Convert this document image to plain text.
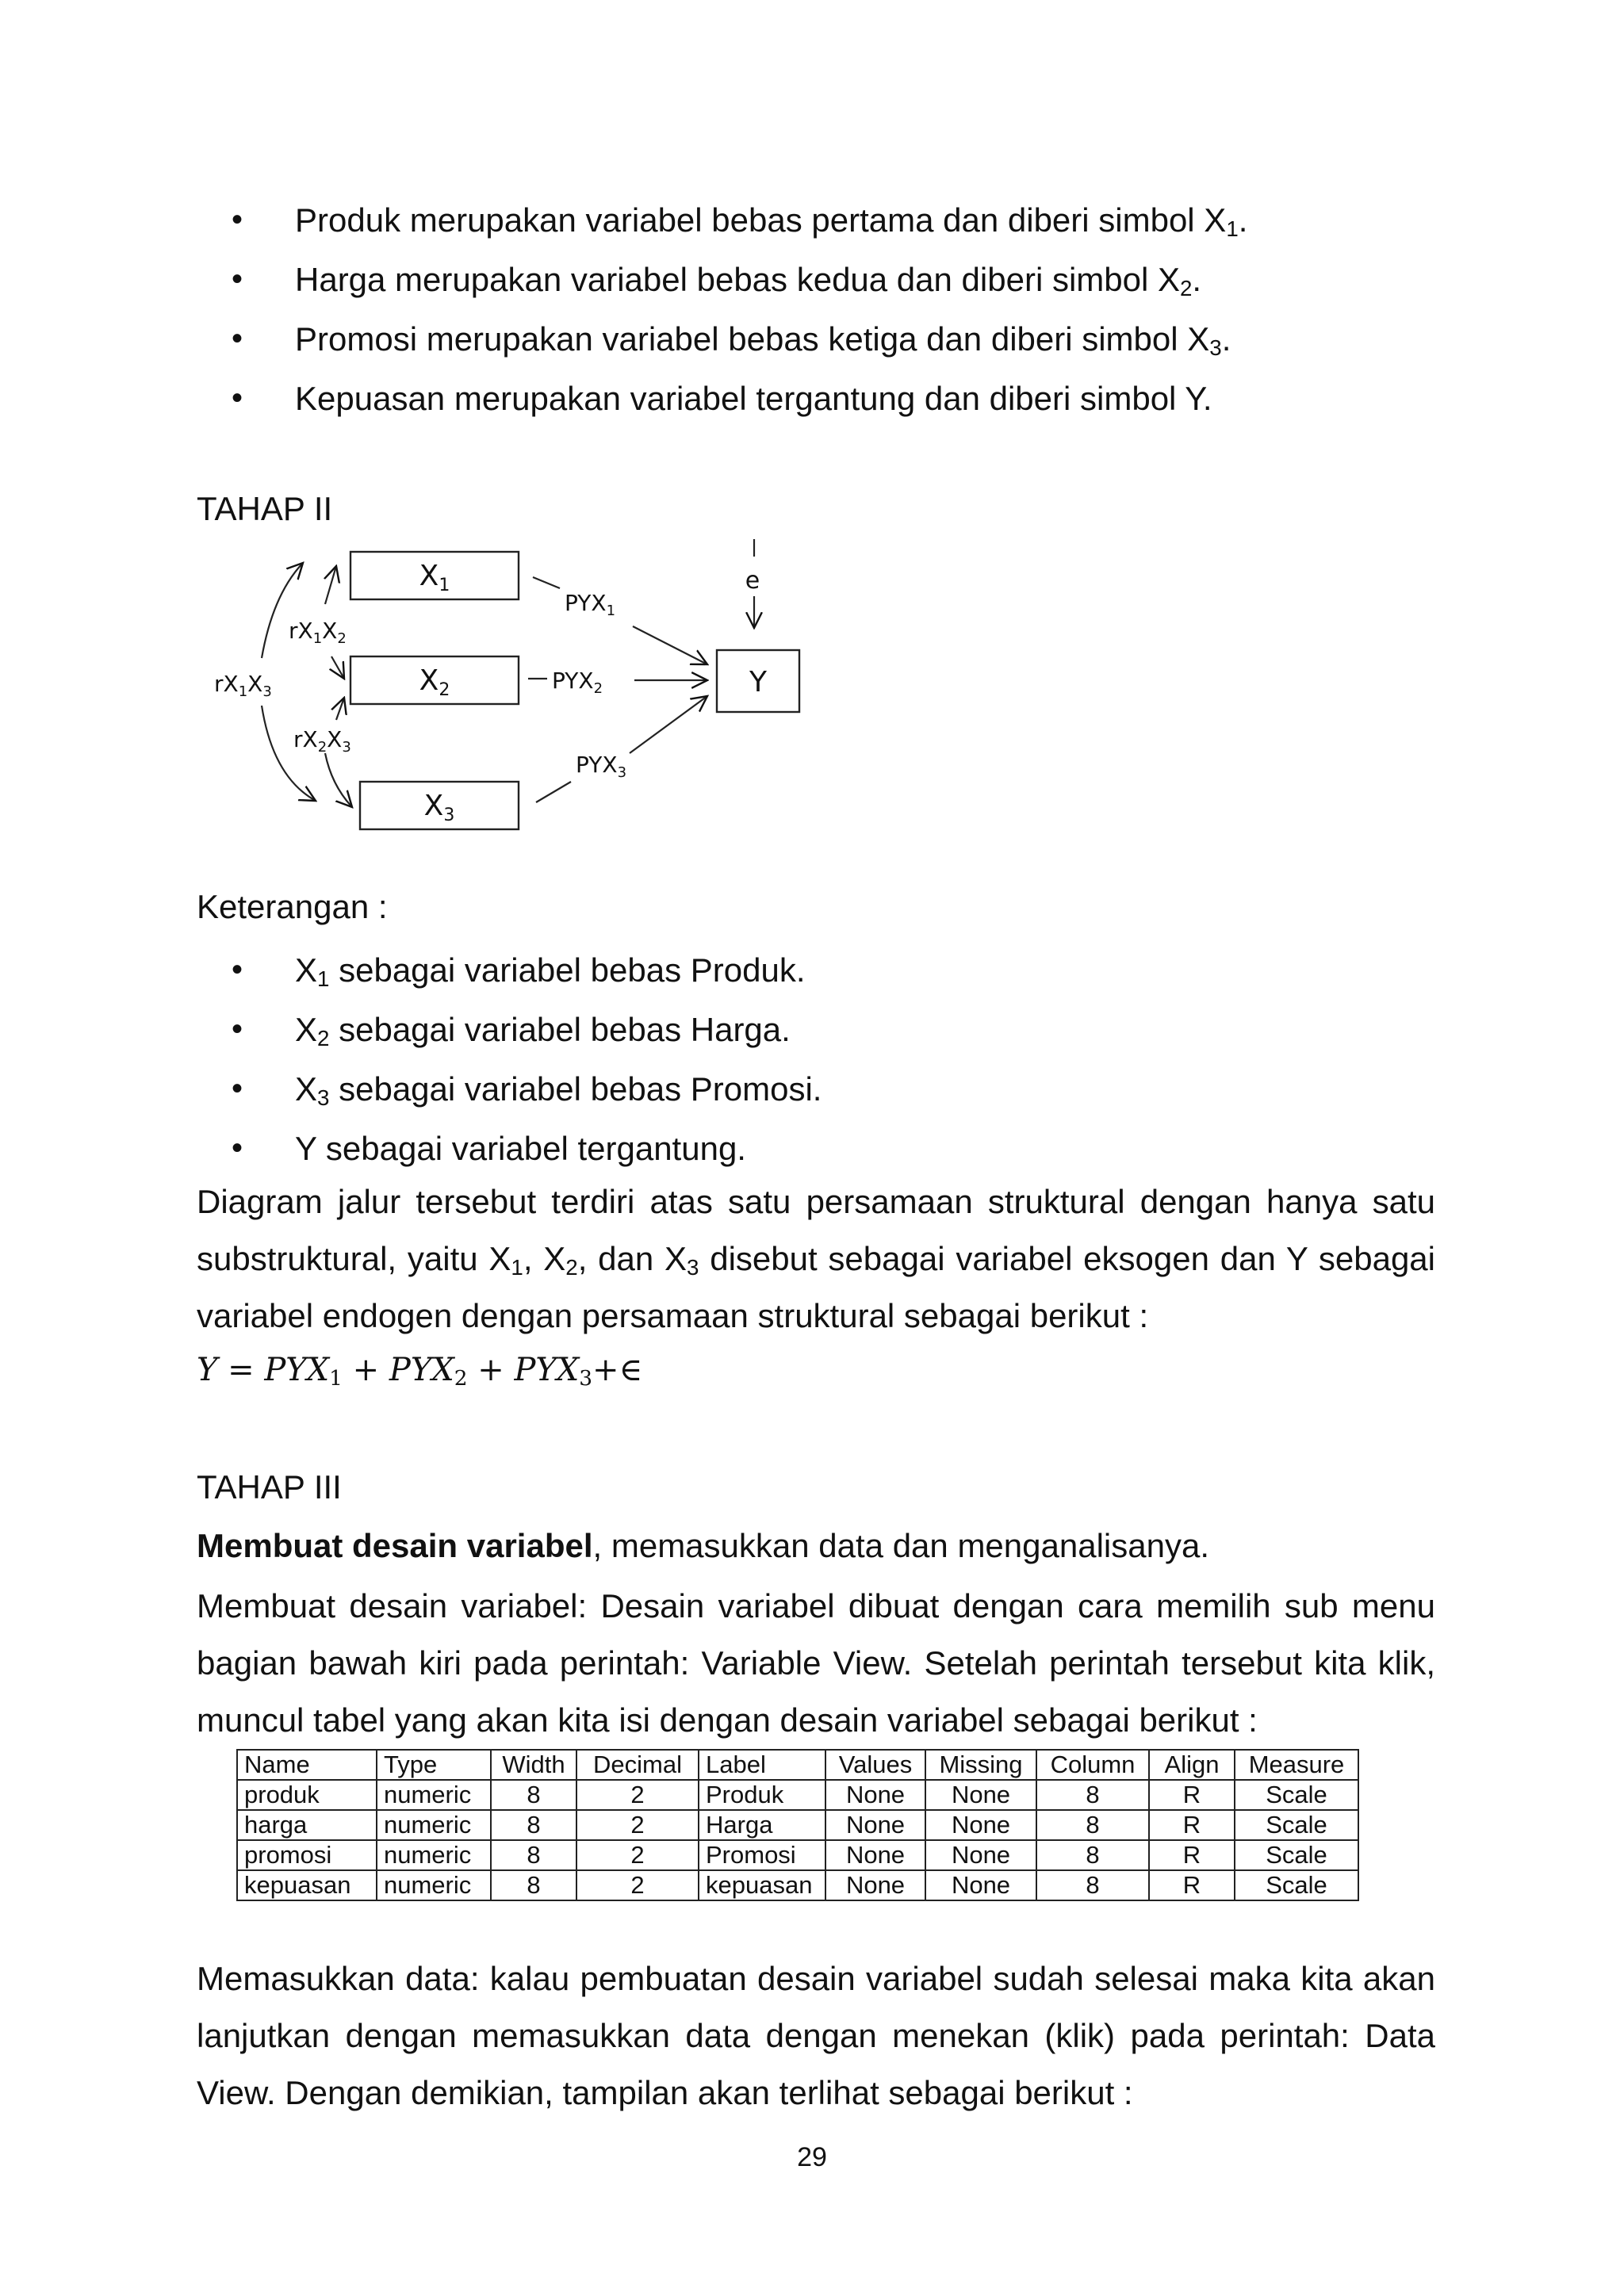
• Produk merupakan variabel bebas pertama dan diberi simbol $X_1$.
• Harga merupakan variabel bebas kedua dan diberi simbol $X_2$.
• Promosi merupakan variabel bebas ketiga dan diberi simbol $X_3$.
• Kepuasan merupakan variabel tergantung dan diberi simbol Y.
TAHAP II
X1
X2
X3
Y
e
$PYX_1$
$PYX_2$
$PYX_3$
$rX_1X_2$
$rX_1X_3$
$rX_2X_3$
Keterangan :
• $X_1$ sebagai variabel bebas Produk.
• $X_2$ sebagai variabel bebas Harga.
• $X_3$ sebagai variabel bebas Promosi.
• Y sebagai variabel tergantung.

Diagram jalur tersebut terdiri atas satu persamaan struktural dengan hanya satu

substruktural, yaitu $X_1$, $X_2$, dan $X_3$ disebut sebagai variabel eksogen dan Y sebagai

variabel endogen dengan persamaan struktural sebagai berikut :

$Y = PYX_1 + PYX_2$ + $PYX_3+\in$
TAHAP III
Membuat desain variabel, memasukkan data dan menganalisanya.

Membuat desain variabel: Desain variabel dibuat dengan cara memilih sub menu

bagian bawah kiri pada perintah: Variable View. Setelah perintah tersebut kita klik,

muncul tabel yang akan kita isi dengan desain variabel sebagai berikut :

Name	Type	Width	Decimal	Label	Values	Missing	Column	Align	Measure
produk	numeric	8	2	Produk	None	None	8	R	Scale
harga	numeric	8	2	Harga	None	None	8	R	Scale
promosi	numeric	8	2	Promosi	None	None	8	R	Scale
kepuasan	numeric	8	2	kepuasan	None	None	8	R	Scale

Memasukkan data: kalau pembuatan desain variabel sudah selesai maka kita akan

lanjutkan dengan memasukkan data dengan menekan (klik) pada perintah: Data

View. Dengan demikian, tampilan akan terlihat sebagai berikut :

29
